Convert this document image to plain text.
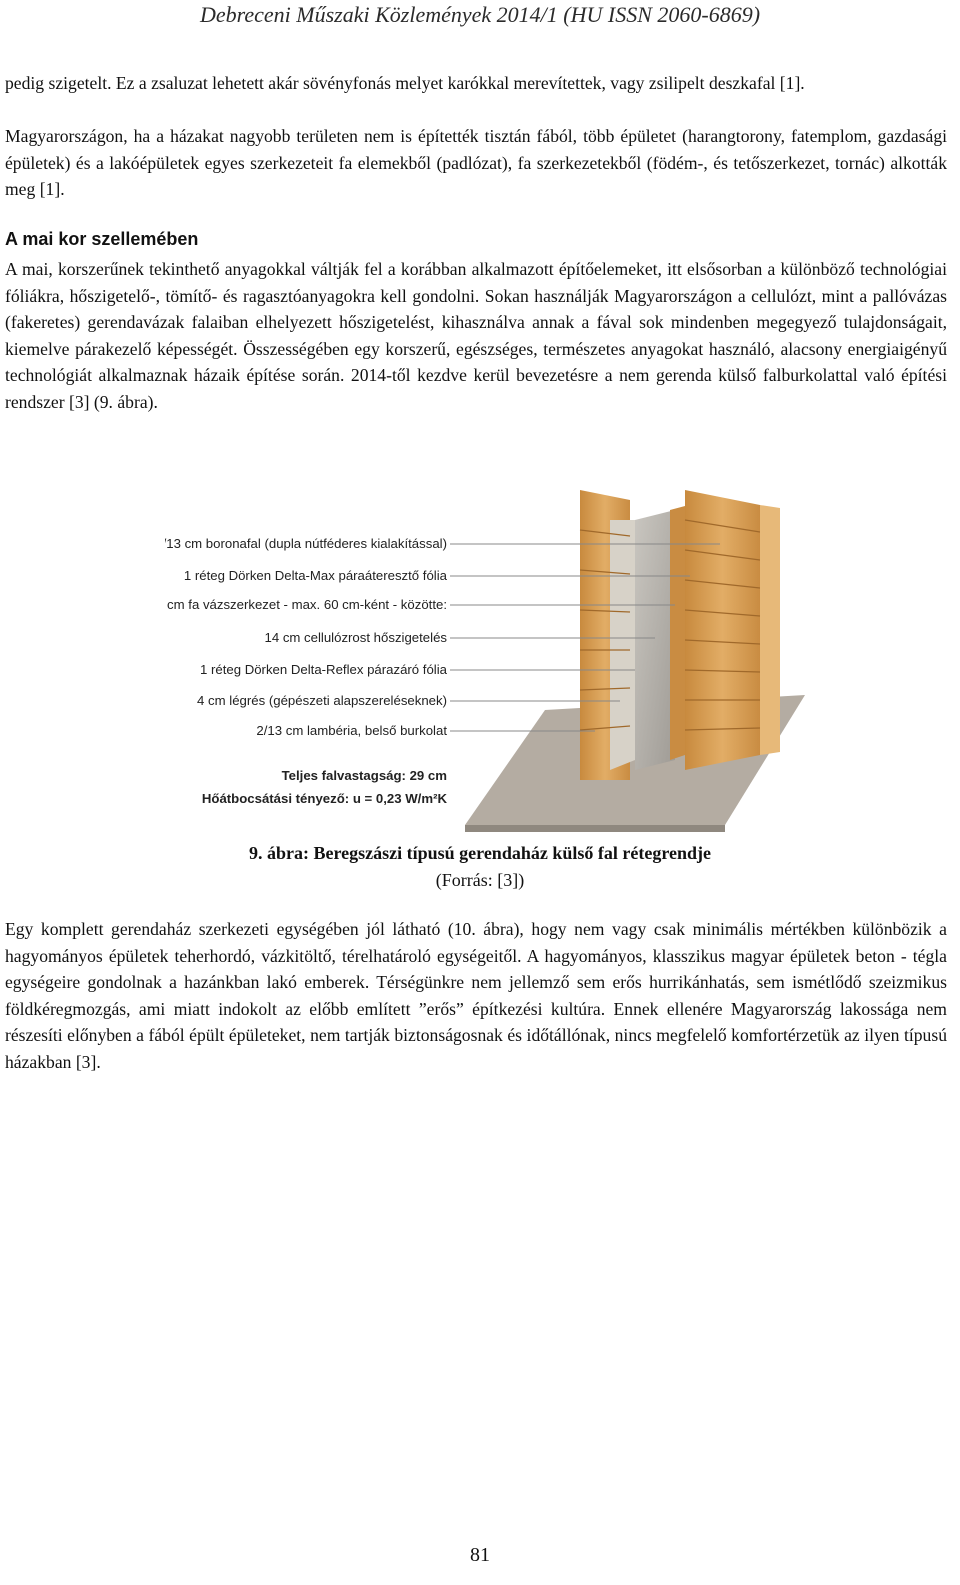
Debreceni Műszaki Közlemények 2014/1 (HU ISSN 2060-6869)

pedig szigetelt. Ez a zsaluzat lehetett akár sövényfonás melyet karókkal merevítettek, vagy zsilipelt deszkafal [1].

Magyarországon, ha a házakat nagyobb területen nem is építették tisztán fából, több épületet (harangtorony, fatemplom, gazdasági épületek) és a lakóépületek egyes szerkezeteit fa elemekből (padlózat), fa szerkezetekből (födém-, és tetőszerkezet, tornác) alkották meg [1].

A mai kor szellemében

A mai, korszerűnek tekinthető anyagokkal váltják fel a korábban alkalmazott építőelemeket, itt elsősorban a különböző technológiai fóliákra, hőszigetelő-, tömítő- és ragasztóanyagokra kell gondolni. Sokan használják Magyarországon a cellulózt, mint a pallóvázas (fakeretes) gerendavázak falaiban elhelyezett hőszigetelést, kihasználva annak a fával sok mindenben megegyező tulajdonságait, kiemelve párakezelő képességét. Összességében egy korszerű, egészséges, természetes anyagokat használó, alacsony energiaigényű technológiát alkalmaznak házaik építése során. 2014-től kezdve kerül bevezetésre a nem gerenda külső falburkolattal való építési rendszer [3] (9. ábra).

9/13 cm boronafal (dupla nútféderes kialakítással)
1 réteg Dörken Delta-Max páraáteresztő fólia
14/9 cm fa vázszerkezet - max. 60 cm-ként - közötte:
14 cm cellulózrost hőszigetelés
1 réteg Dörken Delta-Reflex párazáró fólia
4 cm légrés (gépészeti alapszereléseknek)
2/13 cm lambéria, belső burkolat
Teljes falvastagság: 29 cm
Hőátbocsátási tényező: u = 0,23 W/m²K
9. ábra: Beregszászi típusú gerendaház külső fal rétegrendje
(Forrás: [3])

Egy komplett gerendaház szerkezeti egységében jól látható (10. ábra), hogy nem vagy csak minimális mértékben különbözik a hagyományos épületek teherhordó, vázkitöltő, térelhatároló egységeitől. A hagyományos, klasszikus magyar épületek beton - tégla egységeire gondolnak a hazánkban lakó emberek. Térségünkre nem jellemző sem erős hurrikánhatás, sem ismétlődő szeizmikus földkéregmozgás, ami miatt indokolt az előbb említett ”erős” építkezési kultúra. Ennek ellenére Magyarország lakossága nem részesíti előnyben a fából épült épületeket, nem tartják biztonságosnak és időtállónak, nincs megfelelő komfortérzetük az ilyen típusú házakban [3].

81
